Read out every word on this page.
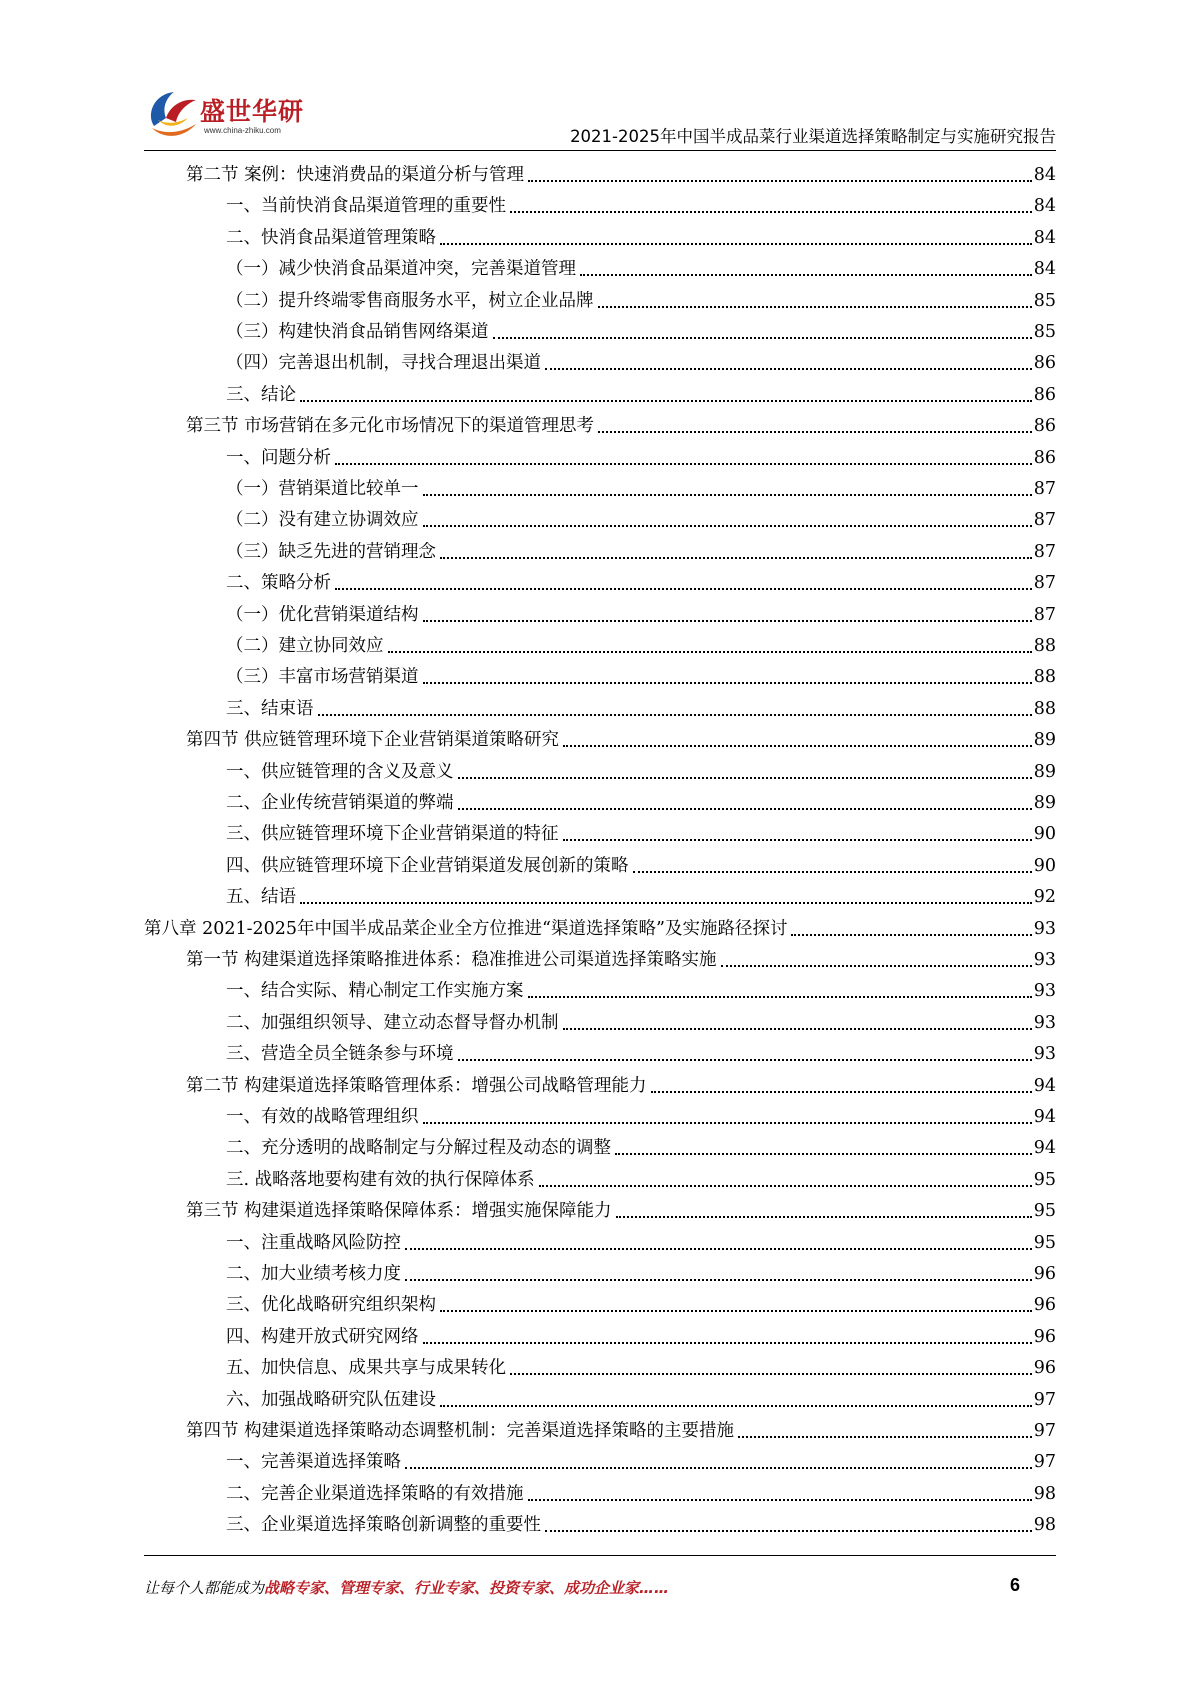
盛世华研
www.china-zhiku.com	2021-2025年中国半成品菜行业渠道选择策略制定与实施研究报告
第二节 案例：快速消费品的渠道分析与管理	84
一、当前快消食品渠道管理的重要性	84
二、快消食品渠道管理策略	84
（一）减少快消食品渠道冲突，完善渠道管理	84
（二）提升终端零售商服务水平，树立企业品牌	85
（三）构建快消食品销售网络渠道	85
（四）完善退出机制，寻找合理退出渠道	86
三、结论	86
第三节 市场营销在多元化市场情况下的渠道管理思考	86
一、问题分析	86
（一）营销渠道比较单一	87
（二）没有建立协调效应	87
（三）缺乏先进的营销理念	87
二、策略分析	87
（一）优化营销渠道结构	87
（二）建立协同效应	88
（三）丰富市场营销渠道	88
三、结束语	88
第四节 供应链管理环境下企业营销渠道策略研究	89
一、供应链管理的含义及意义	89
二、企业传统营销渠道的弊端	89
三、供应链管理环境下企业营销渠道的特征	90
四、供应链管理环境下企业营销渠道发展创新的策略	90
五、结语	92
第八章 2021-2025年中国半成品菜企业全方位推进“渠道选择策略”及实施路径探讨	93
第一节 构建渠道选择策略推进体系：稳准推进公司渠道选择策略实施	93
一、结合实际、精心制定工作实施方案	93
二、加强组织领导、建立动态督导督办机制	93
三、营造全员全链条参与环境	93
第二节 构建渠道选择策略管理体系：增强公司战略管理能力	94
一、有效的战略管理组织	94
二、充分透明的战略制定与分解过程及动态的调整	94
三. 战略落地要构建有效的执行保障体系	95
第三节 构建渠道选择策略保障体系：增强实施保障能力	95
一、注重战略风险防控	95
二、加大业绩考核力度	96
三、优化战略研究组织架构	96
四、构建开放式研究网络	96
五、加快信息、成果共享与成果转化	96
六、加强战略研究队伍建设	97
第四节 构建渠道选择策略动态调整机制：完善渠道选择策略的主要措施	97
一、完善渠道选择策略	97
二、完善企业渠道选择策略的有效措施	98
三、企业渠道选择策略创新调整的重要性	98
让每个人都能成为战略专家、管理专家、行业专家、投资专家、成功企业家……	6
